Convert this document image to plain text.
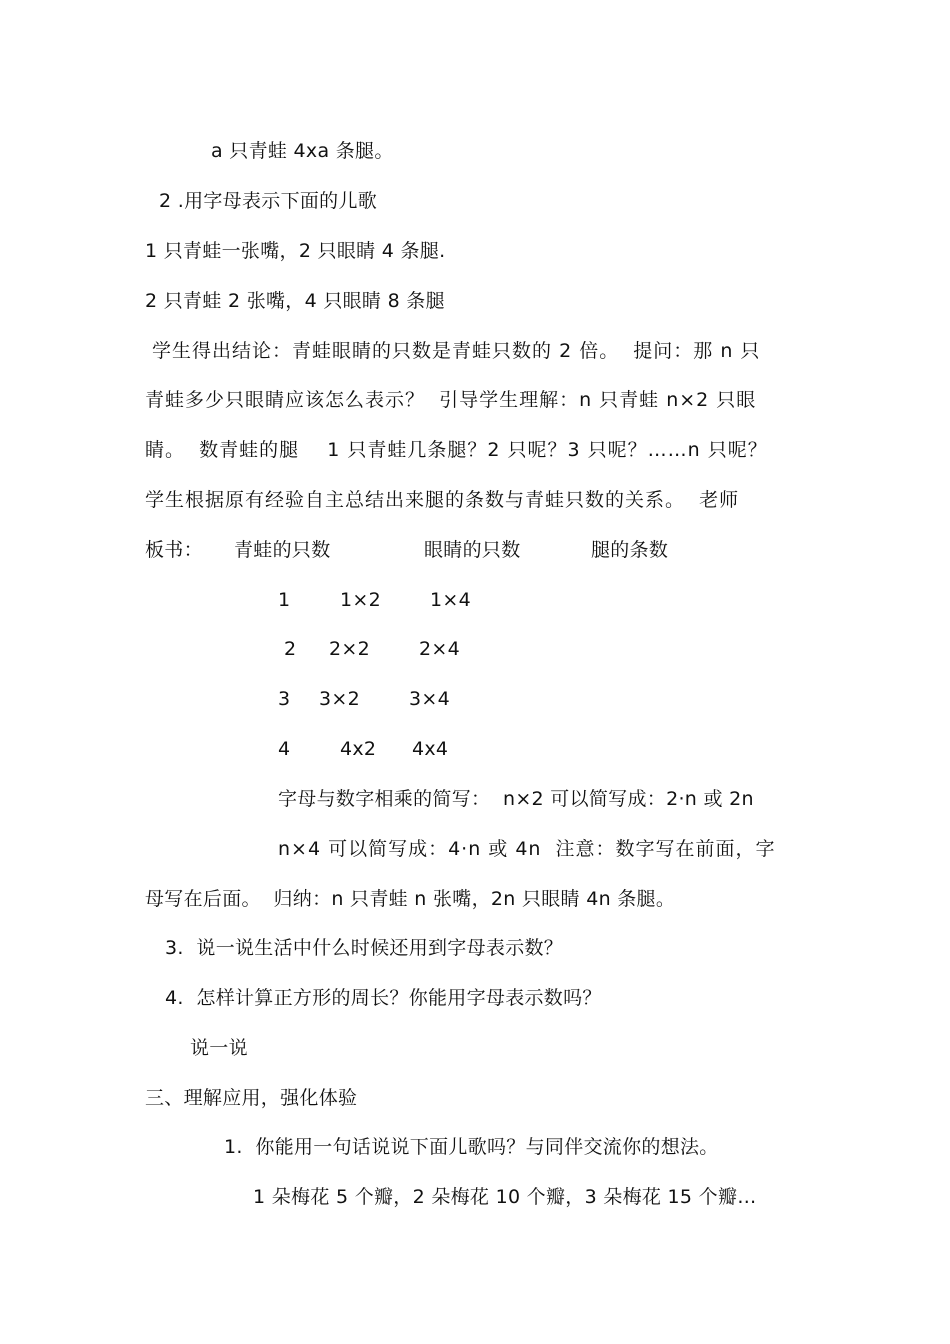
a 只青蛙 4xa 条腿。
2 .用字母表示下面的儿歌
1 只青蛙一张嘴，2 只眼睛 4 条腿.
2 只青蛙 2 张嘴，4 只眼睛 8 条腿
学生得出结论：青蛙眼睛的只数是青蛙只数的 2 倍。  提问：那 n 只
青蛙多少只眼睛应该怎么表示？  引导学生理解：n 只青蛙 n×2 只眼
睛。  数青蛙的腿    1 只青蛙几条腿？2 只呢？3 只呢？……n 只呢？
学生根据原有经验自主总结出来腿的条数与青蛙只数的关系。  老师
板书： 青蛙的只数	眼睛的只数	腿的条数
1	1×2	1×4
2 2×2	2×4
3 3×2	3×4
4	4x2 4x4
字母与数字相乘的简写：  n×2 可以简写成：2·n 或 2n
n×4 可以简写成：4·n 或 4n  注意：数字写在前面，字
母写在后面。  归纳：n 只青蛙 n 张嘴，2n 只眼睛 4n 条腿。
3.  说一说生活中什么时候还用到字母表示数？
4.  怎样计算正方形的周长？你能用字母表示数吗？
说一说
三、理解应用，强化体验
1.  你能用一句话说说下面儿歌吗？与同伴交流你的想法。
1 朵梅花 5 个瓣，2 朵梅花 10 个瓣，3 朵梅花 15 个瓣…
